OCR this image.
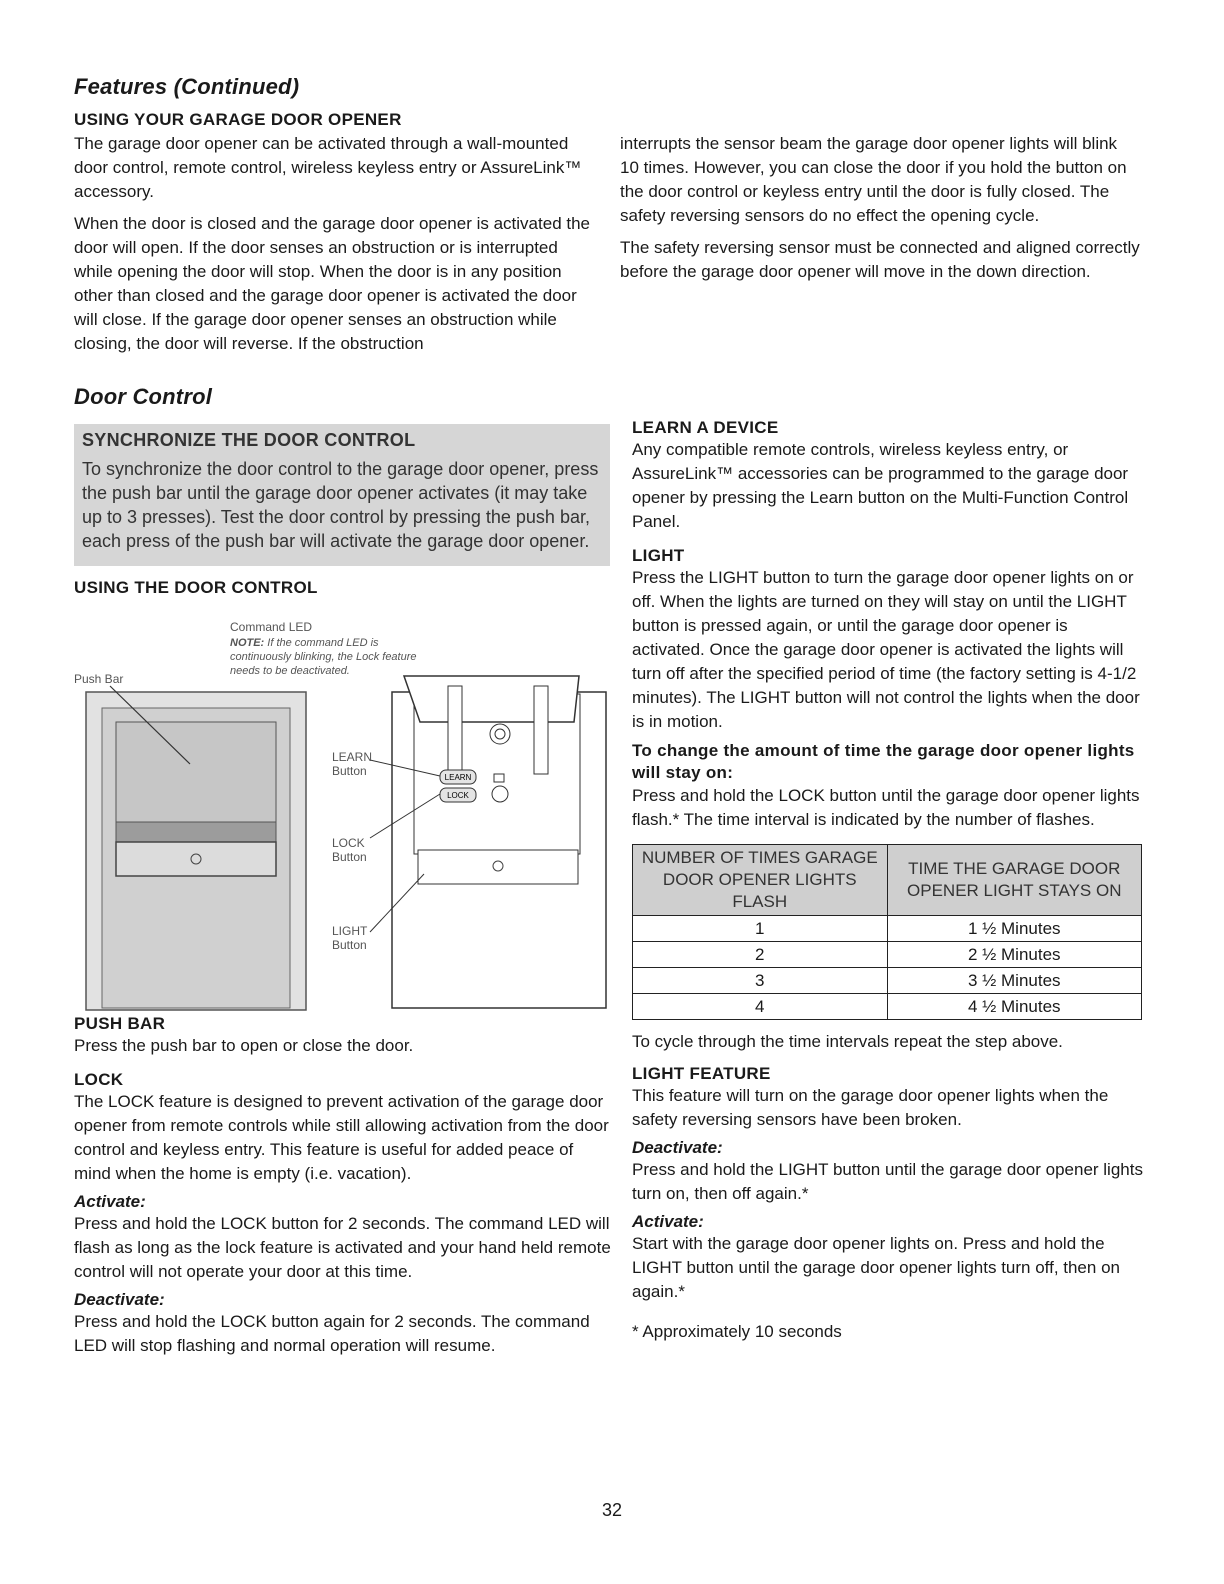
Features (Continued)
USING YOUR GARAGE DOOR OPENER

The garage door opener can be activated through a wall-mounted door control, remote control, wireless keyless entry or AssureLink™ accessory.

When the door is closed and the garage door opener is activated the door will open. If the door senses an obstruction or is interrupted while opening the door will stop. When the door is in any position other than closed and the garage door opener is activated the door will close. If the garage door opener senses an obstruction while closing, the door will reverse. If the obstruction

interrupts the sensor beam the garage door opener lights will blink 10 times. However, you can close the door if you hold the button on the door control or keyless entry until the door is fully closed. The safety reversing sensors do no effect the opening cycle.

The safety reversing sensor must be connected and aligned correctly before the garage door opener will move in the down direction.

Door Control
SYNCHRONIZE THE DOOR CONTROL

To synchronize the door control to the garage door opener, press the push bar until the garage door opener activates (it may take up to 3 presses). Test the door control by pressing the push bar, each press of the push bar will activate the garage door opener.

USING THE DOOR CONTROL
Command LED
NOTE: If the command LED is continuously blinking, the Lock feature needs to be deactivated.
Push Bar
LEARN
LOCK
LEARN
Button
LOCK
Button
LIGHT
Button
PUSH BAR

Press the push bar to open or close the door.

LOCK

The LOCK feature is designed to prevent activation of the garage door opener from remote controls while still allowing activation from the door control and keyless entry. This feature is useful for added peace of mind when the home is empty (i.e. vacation).

Activate:

Press and hold the LOCK button for 2 seconds. The command LED will flash as long as the lock feature is activated and your hand held remote control will not operate your door at this time.

Deactivate:

Press and hold the LOCK button again for 2 seconds. The command LED will stop flashing and normal operation will resume.

LEARN A DEVICE

Any compatible remote controls, wireless keyless entry, or AssureLink™ accessories can be programmed to the garage door opener by pressing the Learn button on the Multi-Function Control Panel.

LIGHT

Press the LIGHT button to turn the garage door opener lights on or off. When the lights are turned on they will stay on until the LIGHT button is pressed again, or until the garage door opener is activated. Once the garage door opener is activated the lights will turn off after the specified period of time (the factory setting is 4-1/2 minutes). The LIGHT button will not control the lights when the door is in motion.

To change the amount of time the garage door opener lights will stay on:

Press and hold the LOCK button until the garage door opener lights flash.* The time interval is indicated by the number of flashes.

NUMBER OF TIMES GARAGE DOOR OPENER LIGHTS FLASH	TIME THE GARAGE DOOR OPENER LIGHT STAYS ON
1	1 ½ Minutes
2	2 ½ Minutes
3	3 ½ Minutes
4	4 ½ Minutes

To cycle through the time intervals repeat the step above.

LIGHT FEATURE

This feature will turn on the garage door opener lights when the safety reversing sensors have been broken.

Deactivate:

Press and hold the LIGHT button until the garage door opener lights turn on, then off again.*

Activate:

Start with the garage door opener lights on. Press and hold the LIGHT button until the garage door opener lights turn off, then on again.*

* Approximately 10 seconds

32
